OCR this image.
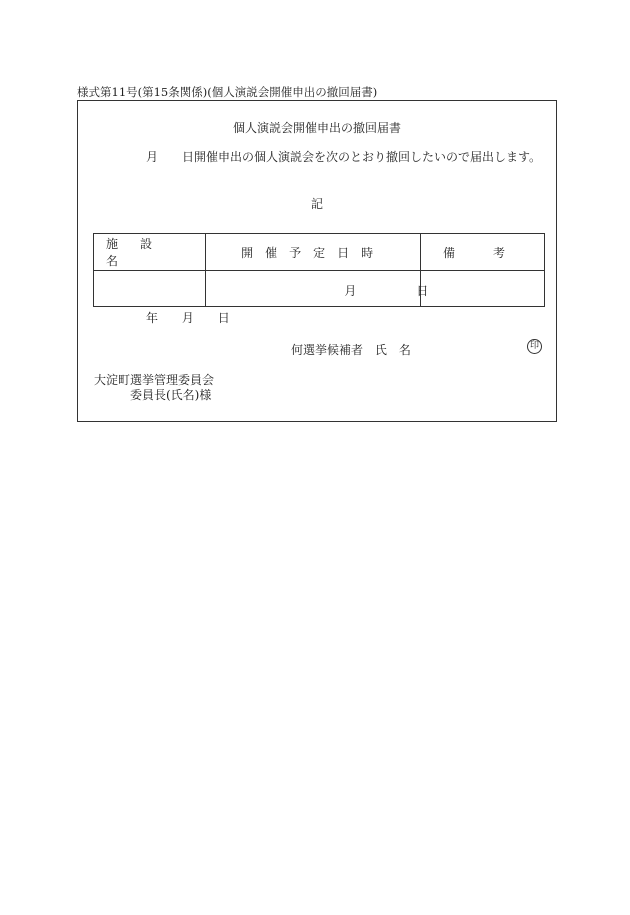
様式第11号(第15条関係)(個人演説会開催申出の撤回届書)
個人演説会開催申出の撤回届書
月 日開催申出の個人演説会を次のとおり撤回したいので届出します。
記
施設名	開催予定日時	備考

	月 日	

年 月 日
何選挙候補者 氏名	印
大淀町選挙管理委員会
委員長(氏名)様
